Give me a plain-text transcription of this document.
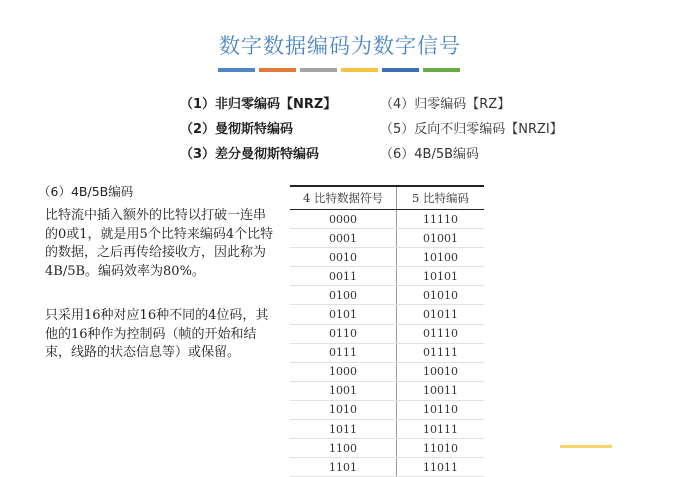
数字数据编码为数字信号
（1）非归零编码【NRZ】
（2）曼彻斯特编码
（3）差分曼彻斯特编码
（4）归零编码【RZ】
（5）反向不归零编码【NRZI】
（6）4B/5B编码
（6）4B/5B编码
比特流中插入额外的比特以打破一连串的0或1，就是用5个比特来编码4个比特的数据，之后再传给接收方，因此称为4B/5B。编码效率为80%。
只采用16种对应16种不同的4位码，其他的16种作为控制码（帧的开始和结束，线路的状态信息等）或保留。
4 比特数据符号	5 比特编码
0000	11110
0001	01001
0010	10100
0011	10101
0100	01010
0101	01011
0110	01110
0111	01111
1000	10010
1001	10011
1010	10110
1011	10111
1100	11010
1101	11011
